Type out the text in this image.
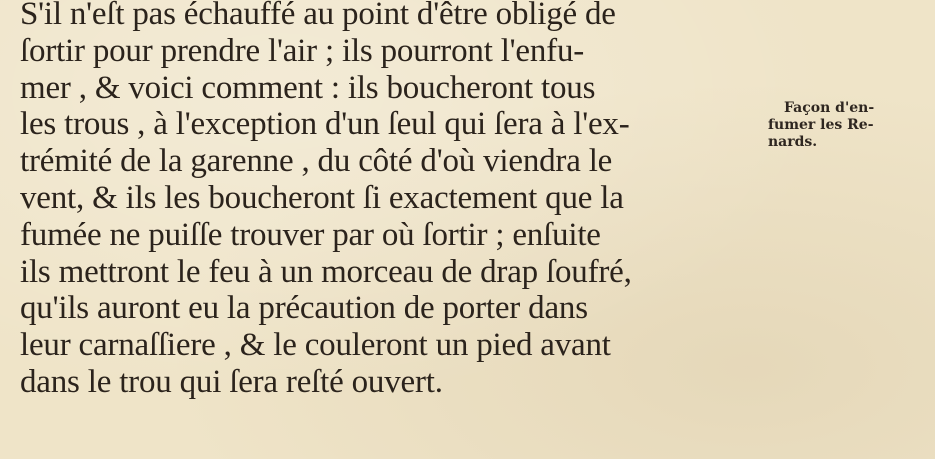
S'il n'eſt pas échauffé au point d'être obligé de
ſortir pour prendre l'air ; ils pourront l'enfu-
mer , & voici comment : ils boucheront tous
les trous , à l'exception d'un ſeul qui ſera à l'ex-
trémité de la garenne , du côté d'où viendra le
vent, & ils les boucheront ſi exactement que la
fumée ne puiſſe trouver par où ſortir ; enſuite
ils mettront le feu à un morceau de drap ſoufré,
qu'ils auront eu la précaution de porter dans
leur carnaſſiere , & le couleront un pied avant
dans le trou qui ſera reſté ouvert.
Façon d'en-
fumer les Re-
nards.
